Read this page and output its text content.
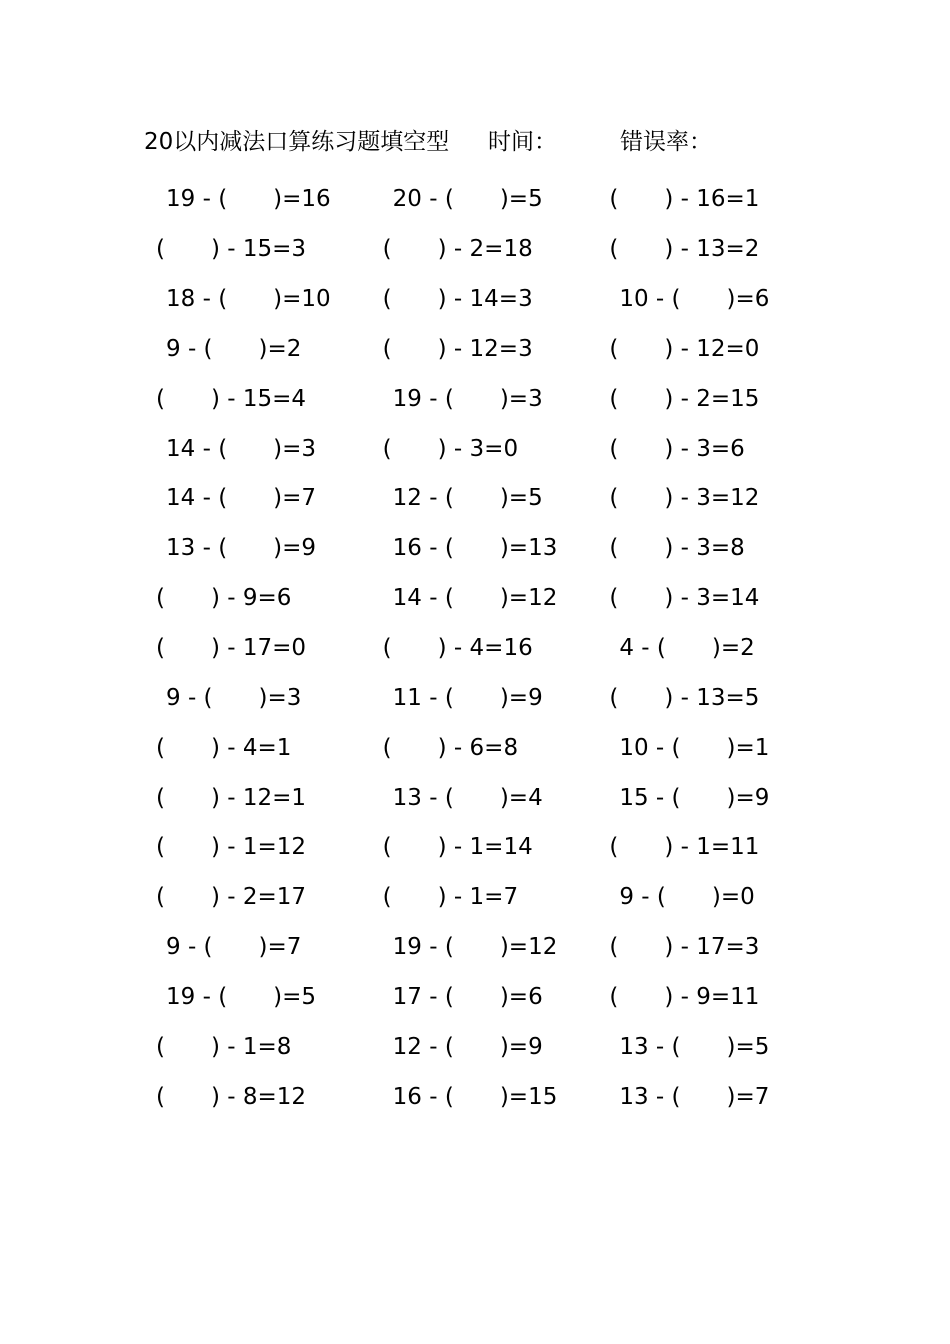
20以内减法口算练习题填空型 时间：	错误率：
19 - (　　)=16	20 - (　　)=5	(　　) - 16=1
(　　) - 15=3	(　　) - 2=18	(　　) - 13=2
18 - (　　)=10	(　　) - 14=3	10 - (　　)=6
9 - (　　)=2	(　　) - 12=3	(　　) - 12=0
(　　) - 15=4	19 - (　　)=3	(　　) - 2=15
14 - (　　)=3	(　　) - 3=0	(　　) - 3=6
14 - (　　)=7	12 - (　　)=5	(　　) - 3=12
13 - (　　)=9	16 - (　　)=13	(　　) - 3=8
(　　) - 9=6	14 - (　　)=12	(　　) - 3=14
(　　) - 17=0	(　　) - 4=16	4 - (　　)=2
9 - (　　)=3	11 - (　　)=9	(　　) - 13=5
(　　) - 4=1	(　　) - 6=8	10 - (　　)=1
(　　) - 12=1	13 - (　　)=4	15 - (　　)=9
(　　) - 1=12	(　　) - 1=14	(　　) - 1=11
(　　) - 2=17	(　　) - 1=7	9 - (　　)=0
9 - (　　)=7	19 - (　　)=12	(　　) - 17=3
19 - (　　)=5	17 - (　　)=6	(　　) - 9=11
(　　) - 1=8	12 - (　　)=9	13 - (　　)=5
(　　) - 8=12	16 - (　　)=15	13 - (　　)=7
